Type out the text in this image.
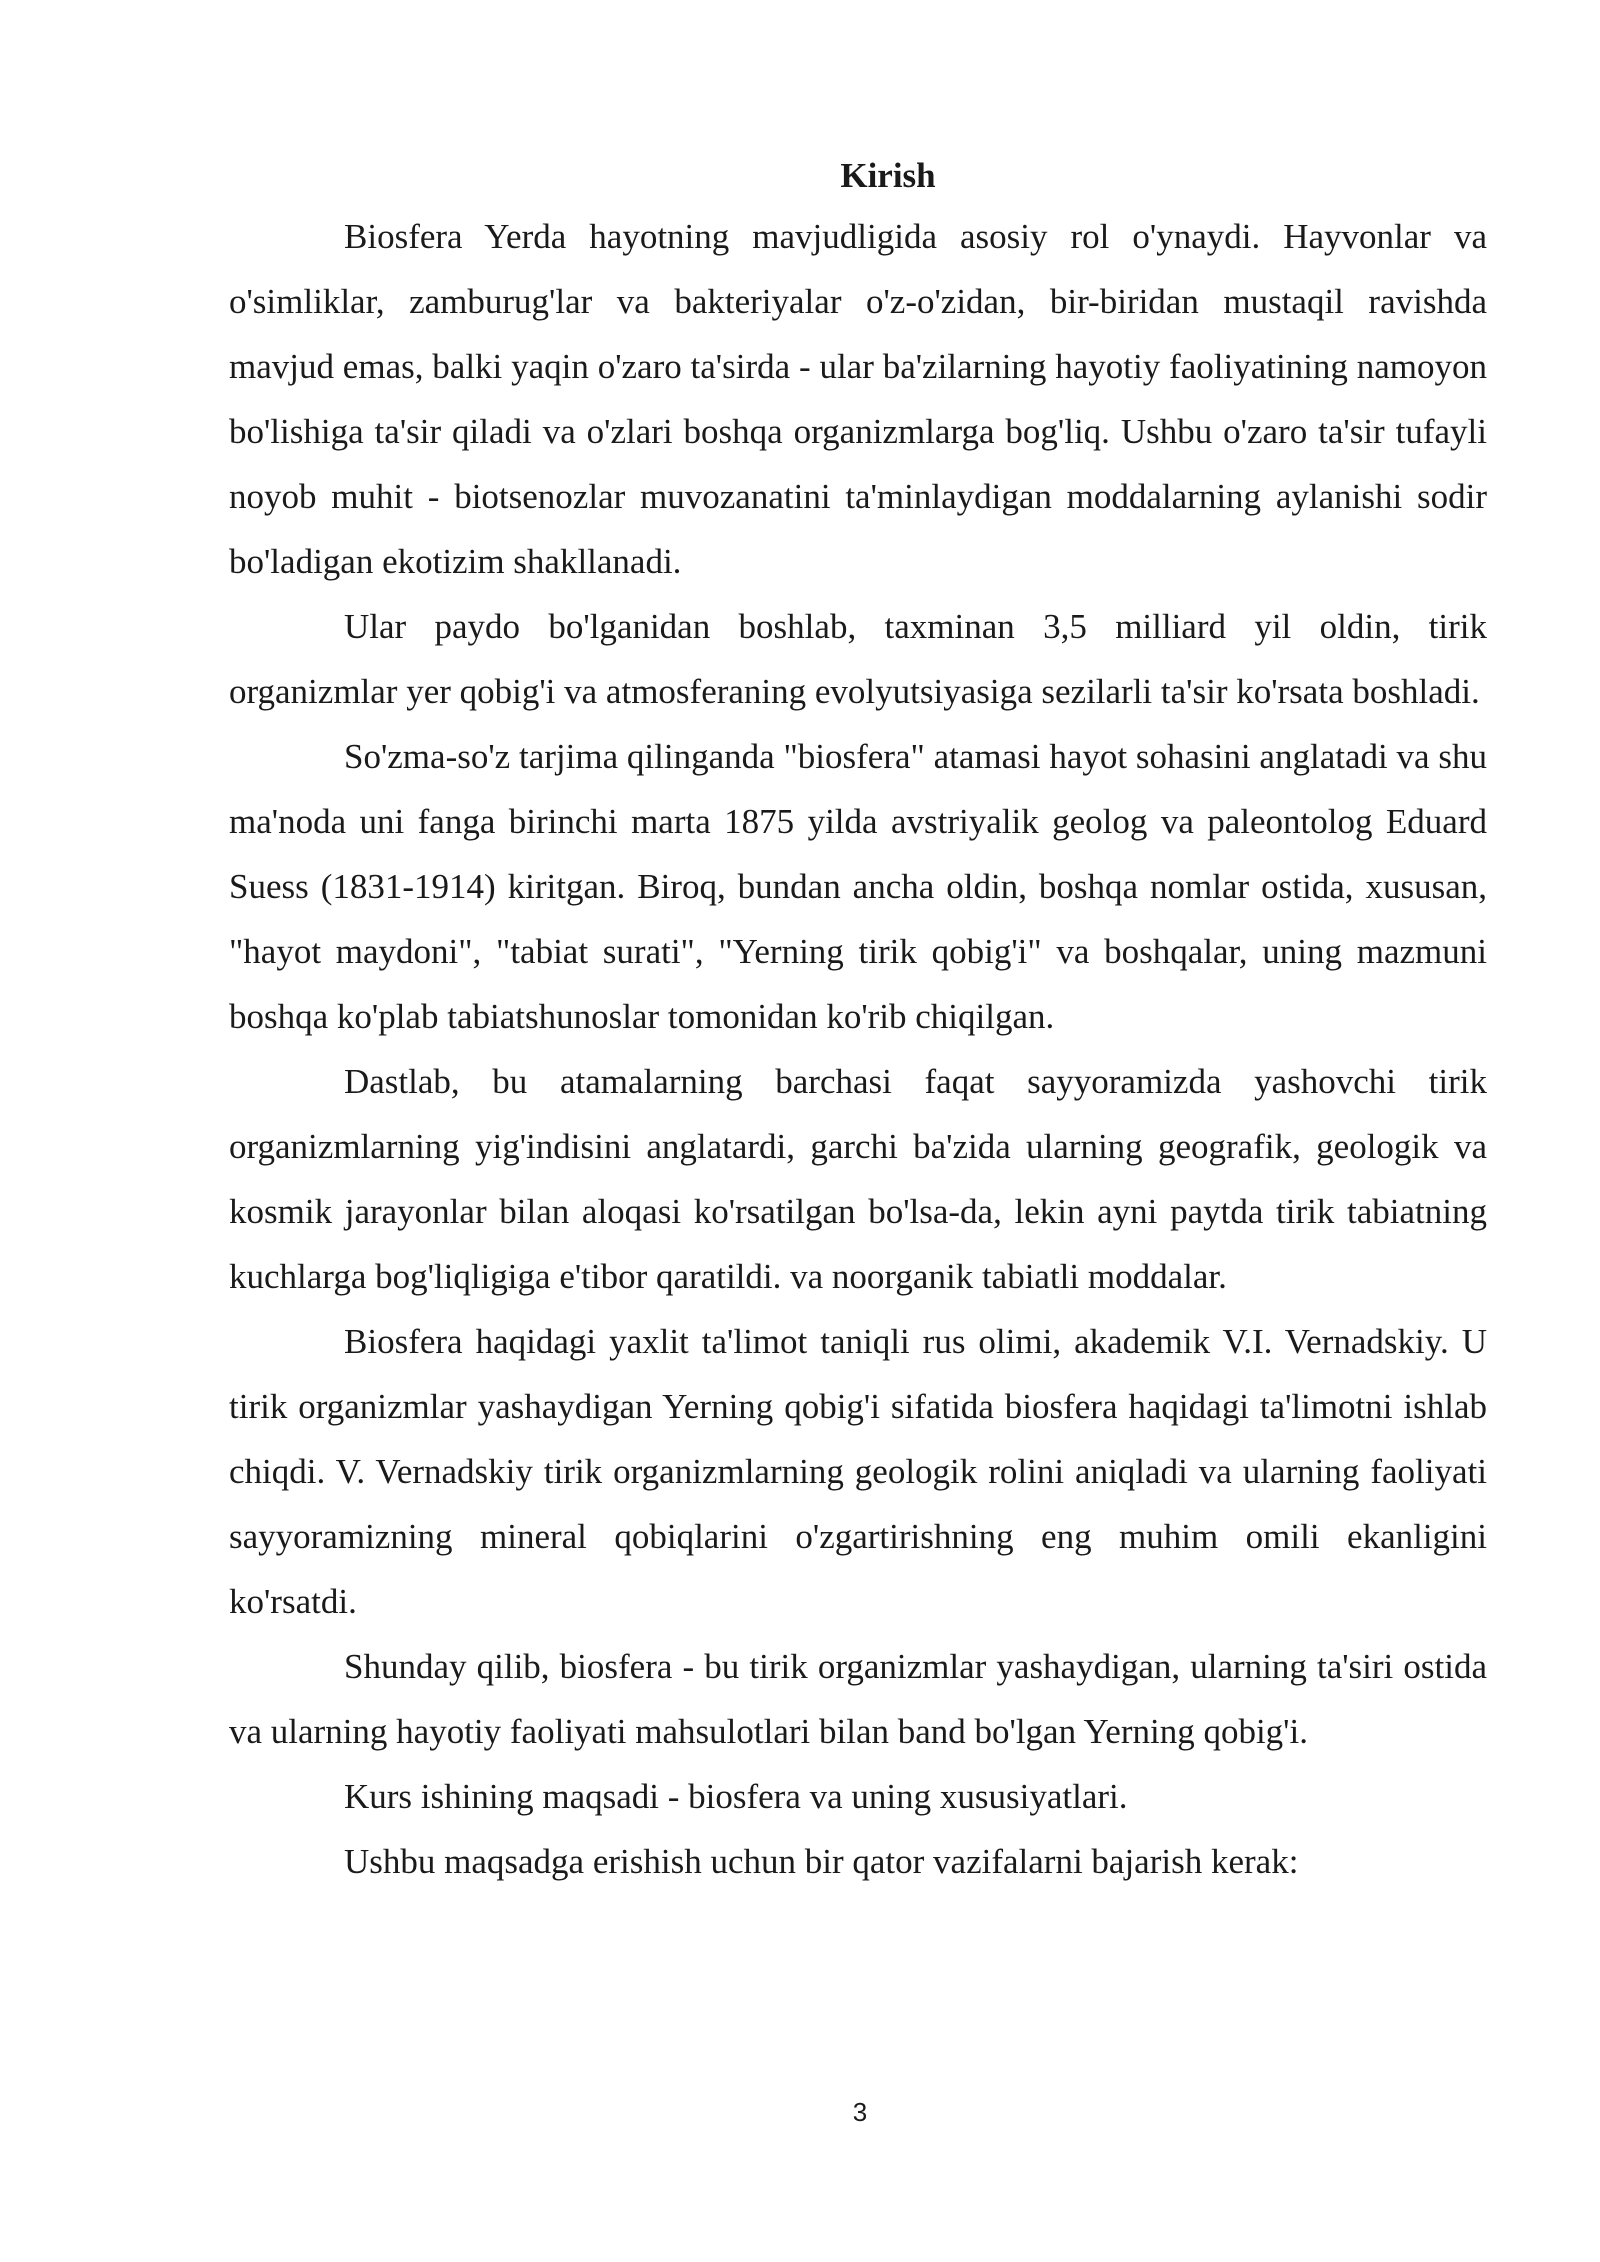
Kirish

Biosfera Yerda hayotning mavjudligida asosiy rol o'ynaydi. Hayvonlar va o'simliklar, zamburug'lar va bakteriyalar o'z-o'zidan, bir-biridan mustaqil ravishda mavjud emas, balki yaqin o'zaro ta'sirda - ular ba'zilarning hayotiy faoliyatining namoyon bo'lishiga ta'sir qiladi va o'zlari boshqa organizmlarga bog'liq. Ushbu o'zaro ta'sir tufayli noyob muhit - biotsenozlar muvozanatini ta'minlaydigan moddalarning aylanishi sodir bo'ladigan ekotizim shakllanadi.

Ular paydo bo'lganidan boshlab, taxminan 3,5 milliard yil oldin, tirik organizmlar yer qobig'i va atmosferaning evolyutsiyasiga sezilarli ta'sir ko'rsata boshladi.

So'zma-so'z tarjima qilinganda "biosfera" atamasi hayot sohasini anglatadi va shu ma'noda uni fanga birinchi marta 1875 yilda avstriyalik geolog va paleontolog Eduard Suess (1831-1914) kiritgan. Biroq, bundan ancha oldin, boshqa nomlar ostida, xususan, "hayot maydoni", "tabiat surati", "Yerning tirik qobig'i" va boshqalar, uning mazmuni boshqa ko'plab tabiatshunoslar tomonidan ko'rib chiqilgan.

Dastlab, bu atamalarning barchasi faqat sayyoramizda yashovchi tirik organizmlarning yig'indisini anglatardi, garchi ba'zida ularning geografik, geologik va kosmik jarayonlar bilan aloqasi ko'rsatilgan bo'lsa-da, lekin ayni paytda tirik tabiatning kuchlarga bog'liqligiga e'tibor qaratildi. va noorganik tabiatli moddalar.

Biosfera haqidagi yaxlit ta'limot taniqli rus olimi, akademik V.I. Vernadskiy. U tirik organizmlar yashaydigan Yerning qobig'i sifatida biosfera haqidagi ta'limotni ishlab chiqdi. V. Vernadskiy tirik organizmlarning geologik rolini aniqladi va ularning faoliyati sayyoramizning mineral qobiqlarini o'zgartirishning eng muhim omili ekanligini ko'rsatdi.

Shunday qilib, biosfera - bu tirik organizmlar yashaydigan, ularning ta'siri ostida va ularning hayotiy faoliyati mahsulotlari bilan band bo'lgan Yerning qobig'i.

Kurs ishining maqsadi - biosfera va uning xususiyatlari.

Ushbu maqsadga erishish uchun bir qator vazifalarni bajarish kerak:

3
